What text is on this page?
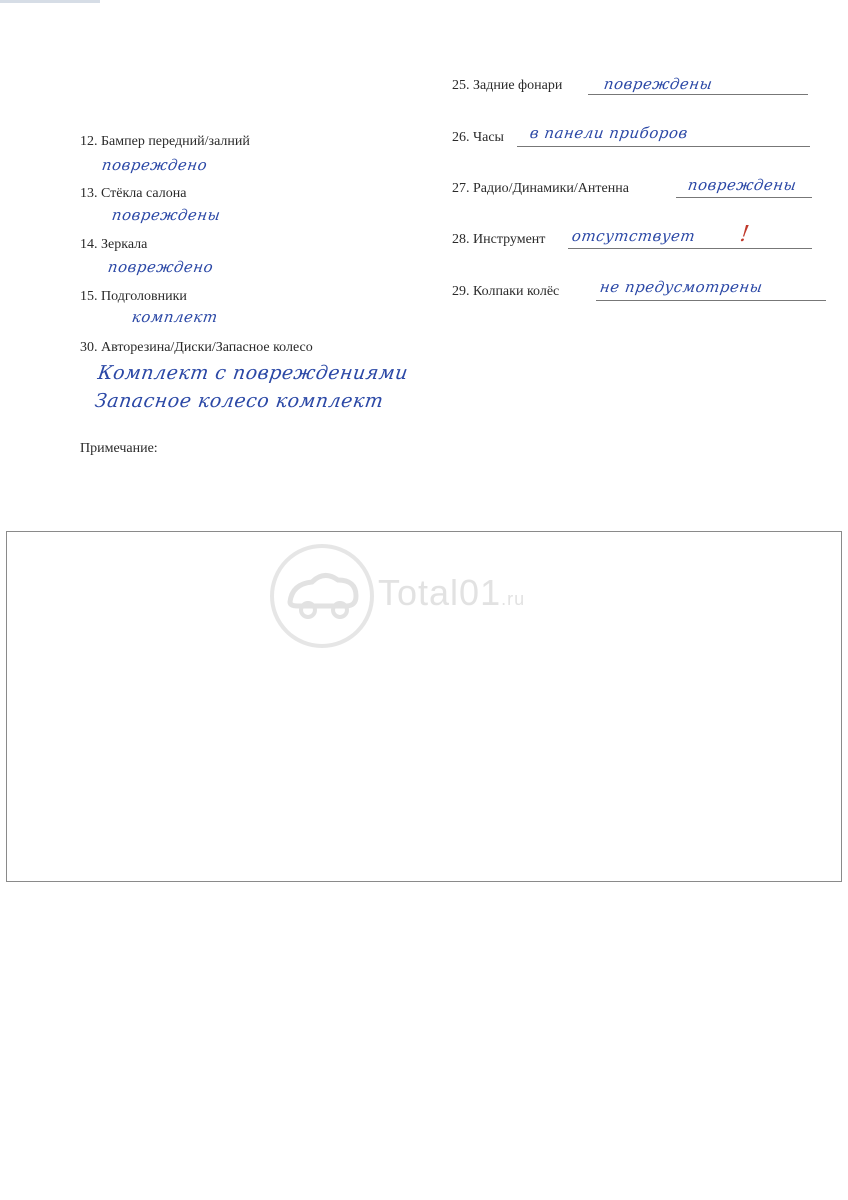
12. Бампер передний/залний
повреждено
13. Стёкла салона
повреждены
14. Зеркала
повреждено
15. Подголовники
комплект
30. Авторезина/Диски/Запасное колесо
Комплект с повреждениями
Запасное колесо комплект
Примечание:
25. Задние фонари	повреждены
26. Часы в панели приборов
27. Радио/Динамики/Антенна	повреждены
28. Инструмент отсутствует !
29. Колпаки колёс	не предусмотрены
Total01.ru
